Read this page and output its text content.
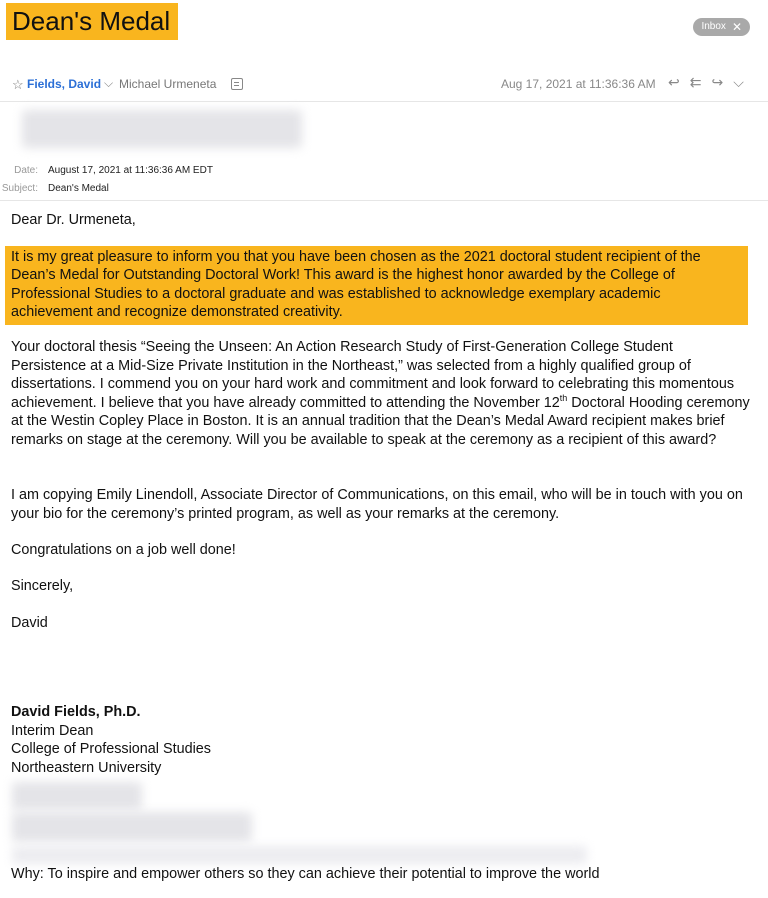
Dean's Medal	Inbox ✕
☆ Fields, David ⌵ Michael Urmeneta	Aug 17, 2021 at 11:36:36 AM ↩ ⇇ ↪ ⌵
Date: August 17, 2021 at 11:36:36 AM EDT
Subject: Dean's Medal

Dear Dr. Urmeneta,

It is my great pleasure to inform you that you have been chosen as the 2021 doctoral student recipient of the Dean’s Medal for Outstanding Doctoral Work! This award is the highest honor awarded by the College of Professional Studies to a doctoral graduate and was established to acknowledge exemplary academic achievement and recognize demonstrated creativity.

Your doctoral thesis “Seeing the Unseen: An Action Research Study of First-Generation College Student Persistence at a Mid-Size Private Institution in the Northeast,” was selected from a highly qualified group of dissertations. I commend you on your hard work and commitment and look forward to celebrating this momentous achievement. I believe that you have already committed to attending the November 12th Doctoral Hooding ceremony at the Westin Copley Place in Boston. It is an annual tradition that the Dean’s Medal Award recipient makes brief remarks on stage at the ceremony. Will you be available to speak at the ceremony as a recipient of this award?

I am copying Emily Linendoll, Associate Director of Communications, on this email, who will be in touch with you on your bio for the ceremony’s printed program, as well as your remarks at the ceremony.

Congratulations on a job well done!

Sincerely,

David

David Fields, Ph.D.
Interim Dean
College of Professional Studies
Northeastern University
Why: To inspire and empower others so they can achieve their potential to improve the world
